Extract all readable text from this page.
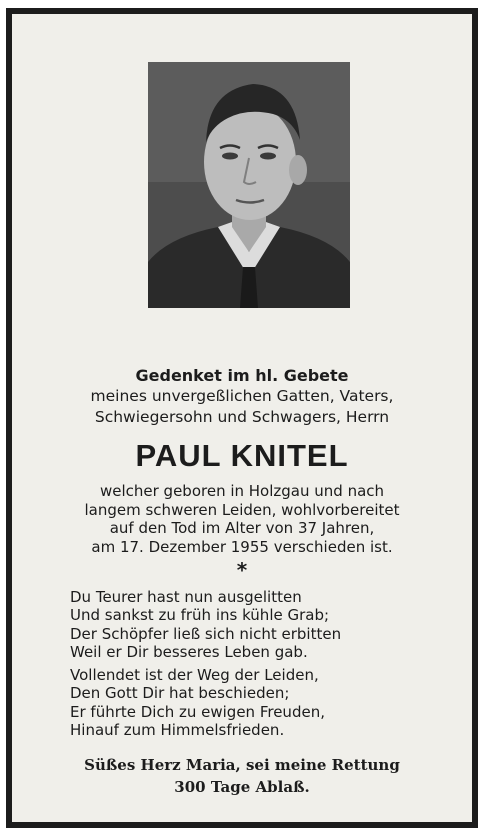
Gedenket im hl. Gebete
meines unvergeßlichen Gatten, Vaters,
Schwiegersohn und Schwagers, Herrn
PAUL KNITEL
welcher geboren in Holzgau und nach
langem schweren Leiden, wohlvorbereitet
auf den Tod im Alter von 37 Jahren,
am 17. Dezember 1955 verschieden ist.
*
Du Teurer hast nun ausgelitten
Und sankst zu früh ins kühle Grab;
Der Schöpfer ließ sich nicht erbitten
Weil er Dir besseres Leben gab.
Vollendet ist der Weg der Leiden,
Den Gott Dir hat beschieden;
Er führte Dich zu ewigen Freuden,
Hinauf zum Himmelsfrieden.
Süßes Herz Maria, sei meine Rettung
300 Tage Ablaß.
